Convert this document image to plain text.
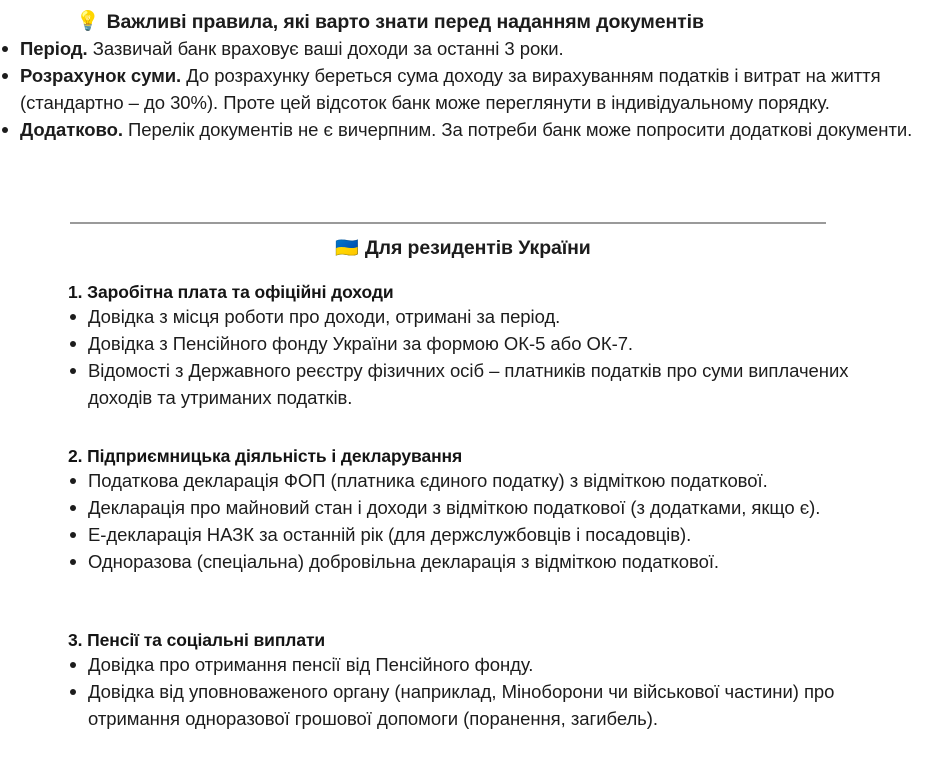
💡 Важливі правила, які варто знати перед наданням документів
Період. Зазвичай банк враховує ваші доходи за останні 3 роки.
Розрахунок суми. До розрахунку береться сума доходу за вирахуванням податків і витрат на життя (стандартно – до 30%). Проте цей відсоток банк може переглянути в індивідуальному порядку.
Додатково. Перелік документів не є вичерпним. За потреби банк може попросити додаткові документи.
🇺🇦 Для резидентів України
1. Заробітна плата та офіційні доходи
Довідка з місця роботи про доходи, отримані за період.
Довідка з Пенсійного фонду України за формою ОК-5 або ОК-7.
Відомості з Державного реєстру фізичних осіб – платників податків про суми виплачених доходів та утриманих податків.
2. Підприємницька діяльність і декларування
Податкова декларація ФОП (платника єдиного податку) з відміткою податкової.
Декларація про майновий стан і доходи з відміткою податкової (з додатками, якщо є).
Е-декларація НАЗК за останній рік (для держслужбовців і посадовців).
Одноразова (спеціальна) добровільна декларація з відміткою податкової.
3. Пенсії та соціальні виплати
Довідка про отримання пенсії від Пенсійного фонду.
Довідка від уповноваженого органу (наприклад, Міноборони чи військової частини) про отримання одноразової грошової допомоги (поранення, загибель).
